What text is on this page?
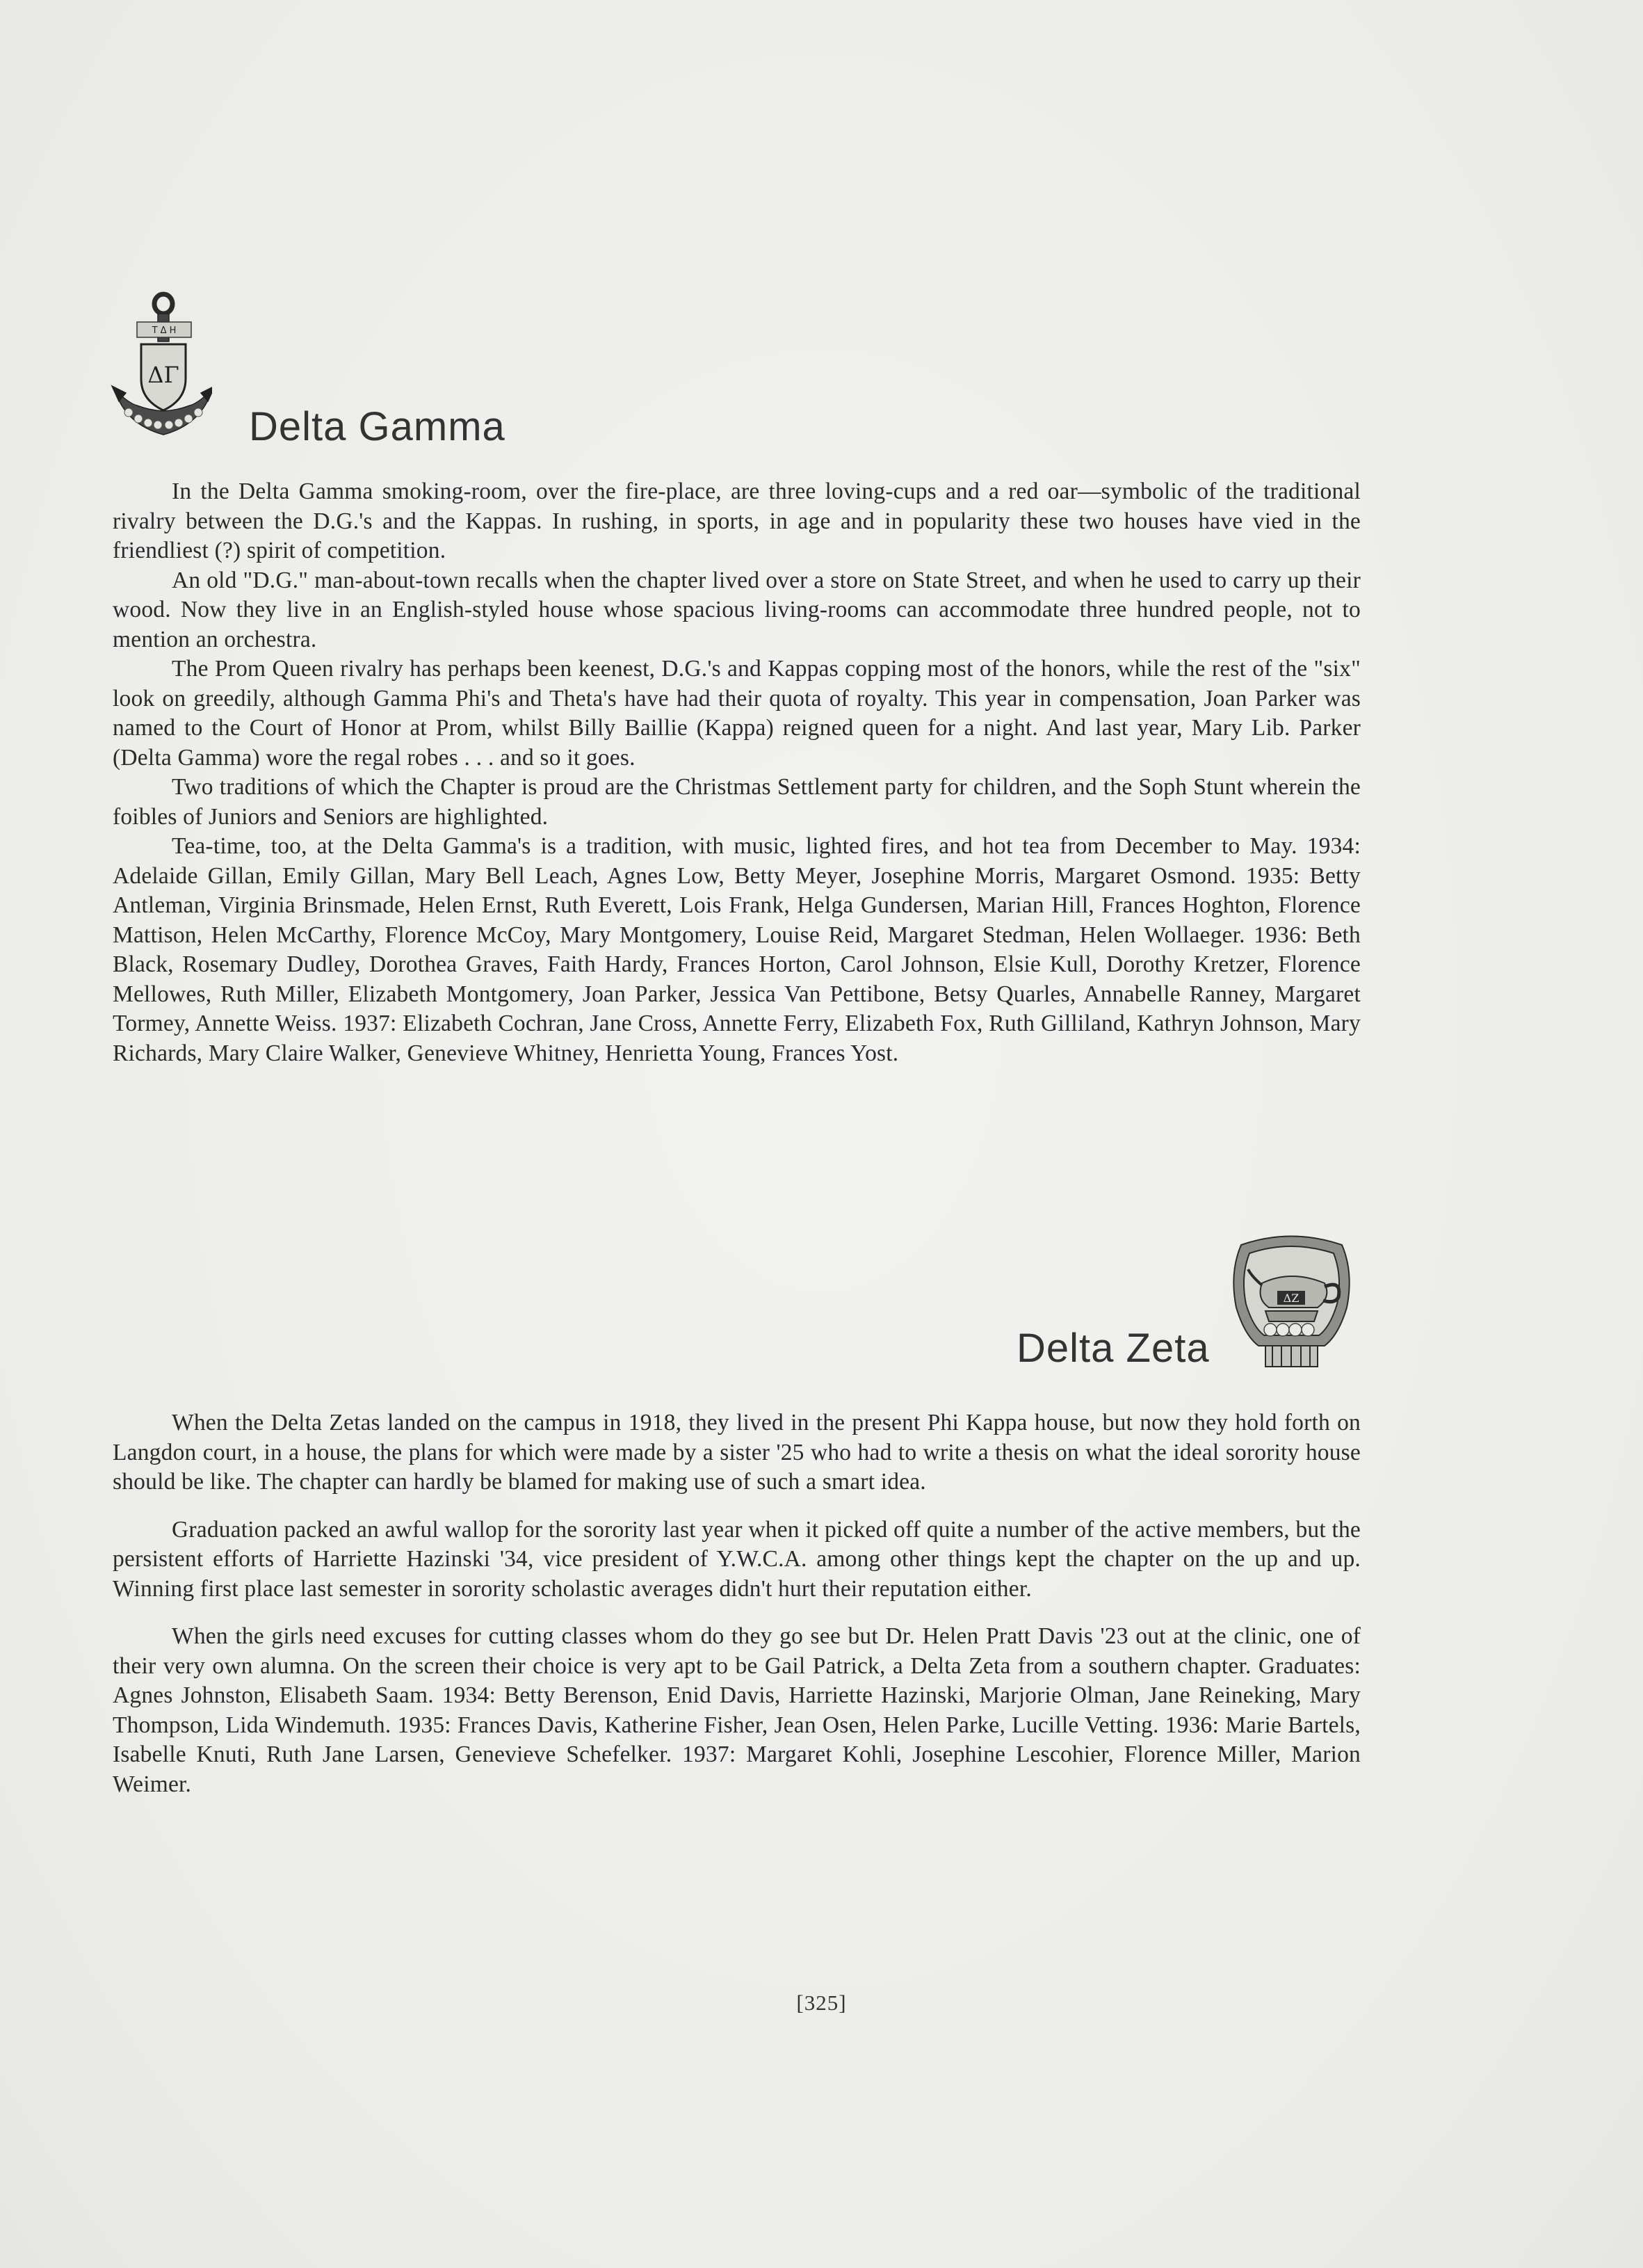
T Δ H
ΔΓ
Delta Gamma

In the Delta Gamma smoking-room, over the fire-place, are three loving-cups and a red oar—symbolic of the traditional rivalry between the D.G.'s and the Kappas. In rushing, in sports, in age and in popularity these two houses have vied in the friendliest (?) spirit of competition.

An old "D.G." man-about-town recalls when the chapter lived over a store on State Street, and when he used to carry up their wood. Now they live in an English-styled house whose spacious living-rooms can accommodate three hundred people, not to mention an orchestra.

The Prom Queen rivalry has perhaps been keenest, D.G.'s and Kappas copping most of the honors, while the rest of the "six" look on greedily, although Gamma Phi's and Theta's have had their quota of royalty. This year in compensation, Joan Parker was named to the Court of Honor at Prom, whilst Billy Baillie (Kappa) reigned queen for a night. And last year, Mary Lib. Parker (Delta Gamma) wore the regal robes . . . and so it goes.

Two traditions of which the Chapter is proud are the Christmas Settlement party for children, and the Soph Stunt wherein the foibles of Juniors and Seniors are highlighted.

Tea-time, too, at the Delta Gamma's is a tradition, with music, lighted fires, and hot tea from December to May. 1934: Adelaide Gillan, Emily Gillan, Mary Bell Leach, Agnes Low, Betty Meyer, Josephine Morris, Margaret Osmond. 1935: Betty Antleman, Virginia Brinsmade, Helen Ernst, Ruth Everett, Lois Frank, Helga Gundersen, Marian Hill, Frances Hoghton, Florence Mattison, Helen McCarthy, Florence McCoy, Mary Montgomery, Louise Reid, Margaret Stedman, Helen Wollaeger. 1936: Beth Black, Rosemary Dudley, Dorothea Graves, Faith Hardy, Frances Horton, Carol Johnson, Elsie Kull, Dorothy Kretzer, Florence Mellowes, Ruth Miller, Elizabeth Montgomery, Joan Parker, Jessica Van Pettibone, Betsy Quarles, Annabelle Ranney, Margaret Tormey, Annette Weiss. 1937: Elizabeth Cochran, Jane Cross, Annette Ferry, Elizabeth Fox, Ruth Gilliland, Kathryn Johnson, Mary Richards, Mary Claire Walker, Genevieve Whitney, Henrietta Young, Frances Yost.

ΔZ
Delta Zeta

When the Delta Zetas landed on the campus in 1918, they lived in the present Phi Kappa house, but now they hold forth on Langdon court, in a house, the plans for which were made by a sister '25 who had to write a thesis on what the ideal sorority house should be like. The chapter can hardly be blamed for making use of such a smart idea.

Graduation packed an awful wallop for the sorority last year when it picked off quite a number of the active members, but the persistent efforts of Harriette Hazinski '34, vice president of Y.W.C.A. among other things kept the chapter on the up and up. Winning first place last semester in sorority scholastic averages didn't hurt their reputation either.

When the girls need excuses for cutting classes whom do they go see but Dr. Helen Pratt Davis '23 out at the clinic, one of their very own alumna. On the screen their choice is very apt to be Gail Patrick, a Delta Zeta from a southern chapter. Graduates: Agnes Johnston, Elisabeth Saam. 1934: Betty Berenson, Enid Davis, Harriette Hazinski, Marjorie Olman, Jane Reineking, Mary Thompson, Lida Windemuth. 1935: Frances Davis, Katherine Fisher, Jean Osen, Helen Parke, Lucille Vetting. 1936: Marie Bartels, Isabelle Knuti, Ruth Jane Larsen, Genevieve Schefelker. 1937: Margaret Kohli, Josephine Lescohier, Florence Miller, Marion Weimer.

[325]
